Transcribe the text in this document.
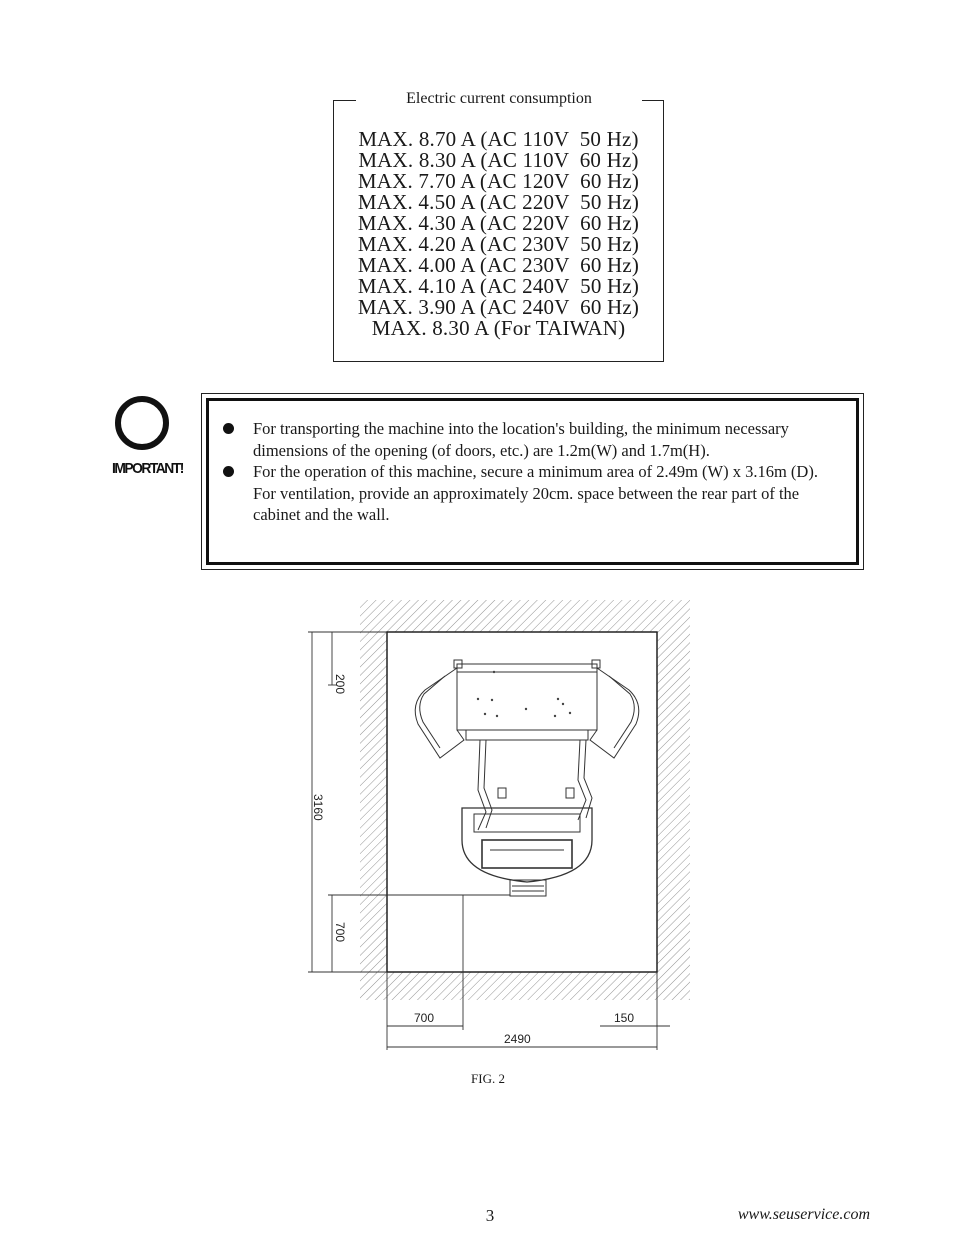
Electric current consumption
MAX. 8.70 A (AC 110V  50 Hz)
MAX. 8.30 A (AC 110V  60 Hz)
MAX. 7.70 A (AC 120V  60 Hz)
MAX. 4.50 A (AC 220V  50 Hz)
MAX. 4.30 A (AC 220V  60 Hz)
MAX. 4.20 A (AC 230V  50 Hz)
MAX. 4.00 A (AC 230V  60 Hz)
MAX. 4.10 A (AC 240V  50 Hz)
MAX. 3.90 A (AC 240V  60 Hz)
MAX. 8.30 A (For TAIWAN)
IMPORTANT!
For transporting the machine into the location's building, the minimum necessary dimensions of the opening (of doors, etc.) are 1.2m(W) and 1.7m(H).
For the operation of this machine, secure a minimum area of 2.49m (W) x 3.16m (D). For ventilation, provide an approximately 20cm. space between the rear part of the cabinet and the wall.
200
3160
700
700	150
2490
FIG. 2
3	www.seuservice.com
